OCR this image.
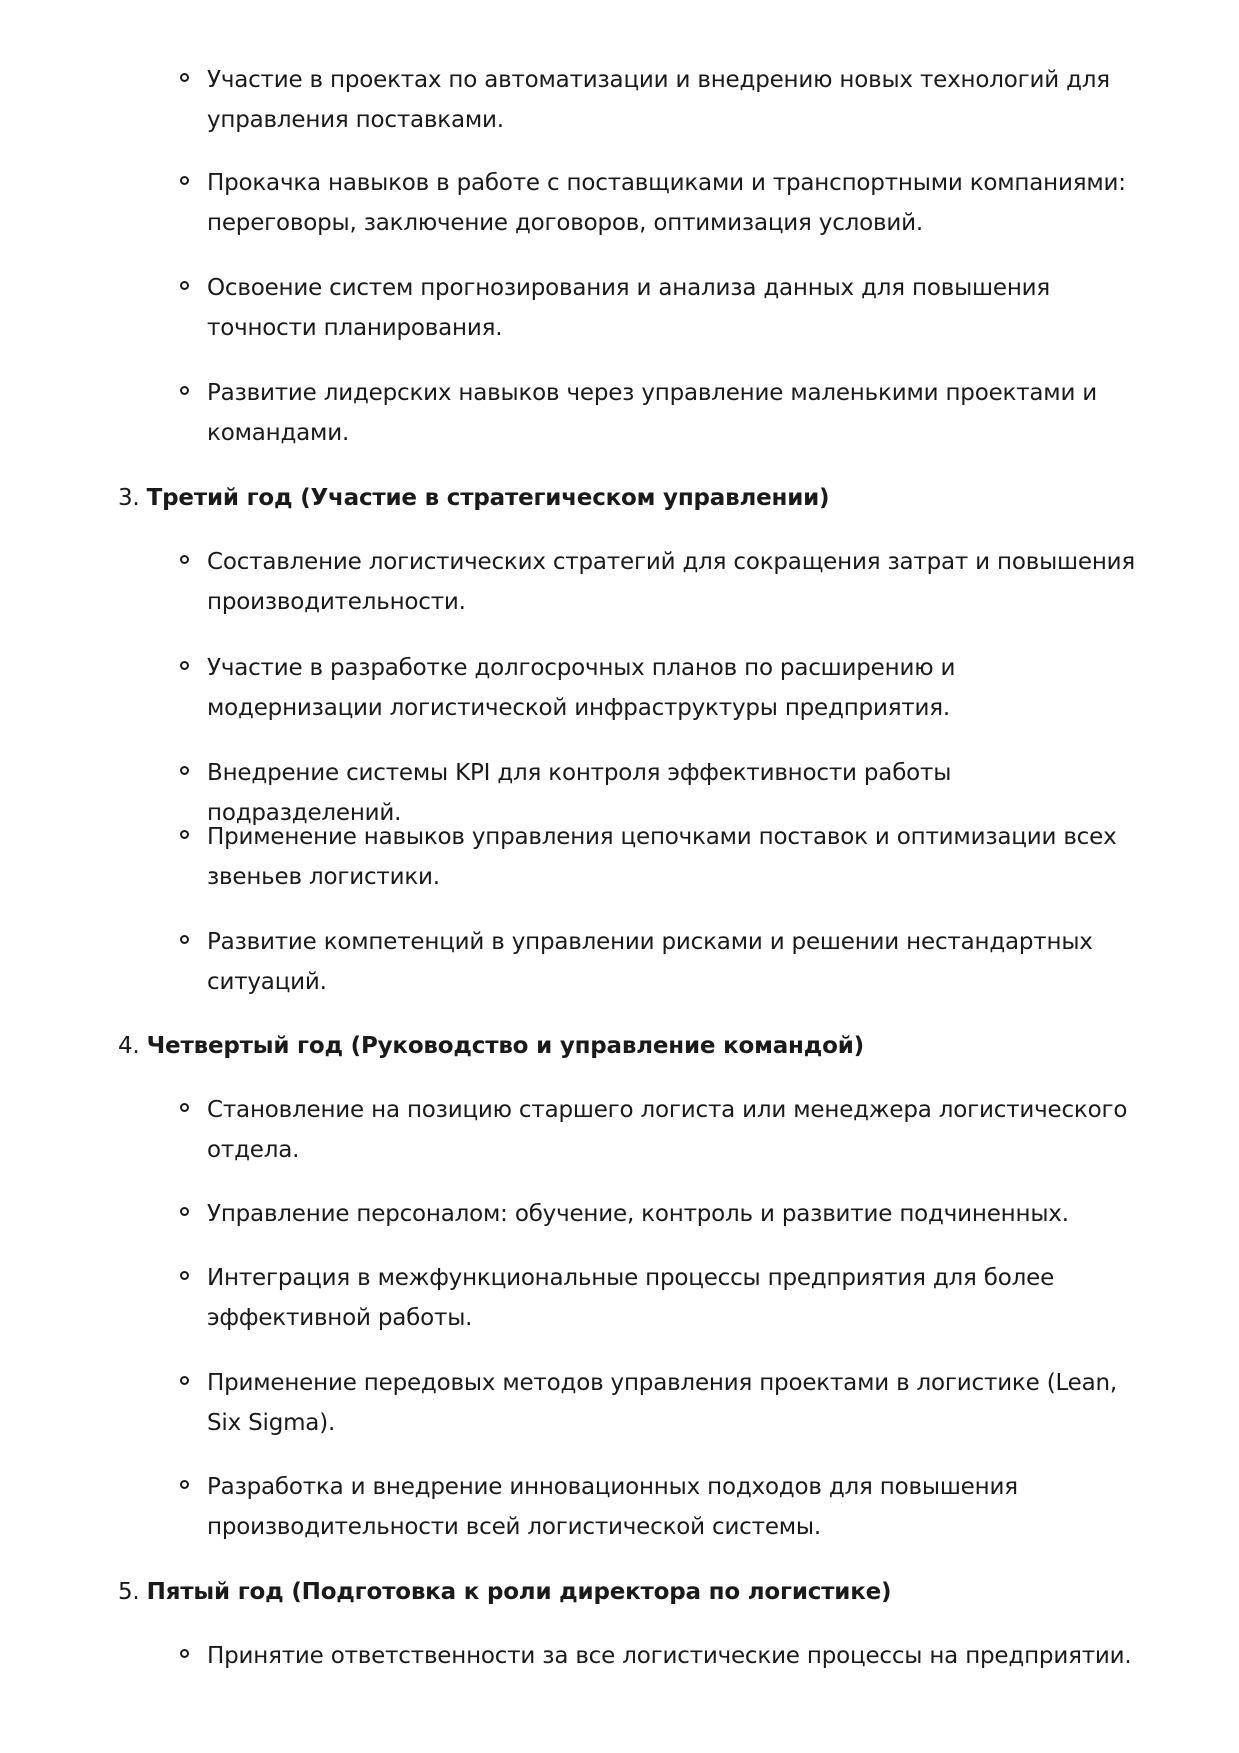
Участие в проектах по автоматизации и внедрению новых технологий для управления поставками.
Прокачка навыков в работе с поставщиками и транспортными компаниями: переговоры, заключение договоров, оптимизация условий.
Освоение систем прогнозирования и анализа данных для повышения точности планирования.
Развитие лидерских навыков через управление маленькими проектами и командами.
3. Третий год (Участие в стратегическом управлении)
Составление логистических стратегий для сокращения затрат и повышения производительности.
Участие в разработке долгосрочных планов по расширению и модернизации логистической инфраструктуры предприятия.
Внедрение системы KPI для контроля эффективности работы подразделений.
Применение навыков управления цепочками поставок и оптимизации всех звеньев логистики.
Развитие компетенций в управлении рисками и решении нестандартных ситуаций.
4. Четвертый год (Руководство и управление командой)
Становление на позицию старшего логиста или менеджера логистического отдела.
Управление персоналом: обучение, контроль и развитие подчиненных.
Интеграция в межфункциональные процессы предприятия для более эффективной работы.
Применение передовых методов управления проектами в логистике (Lean, Six Sigma).
Разработка и внедрение инновационных подходов для повышения производительности всей логистической системы.
5. Пятый год (Подготовка к роли директора по логистике)
Принятие ответственности за все логистические процессы на предприятии.
